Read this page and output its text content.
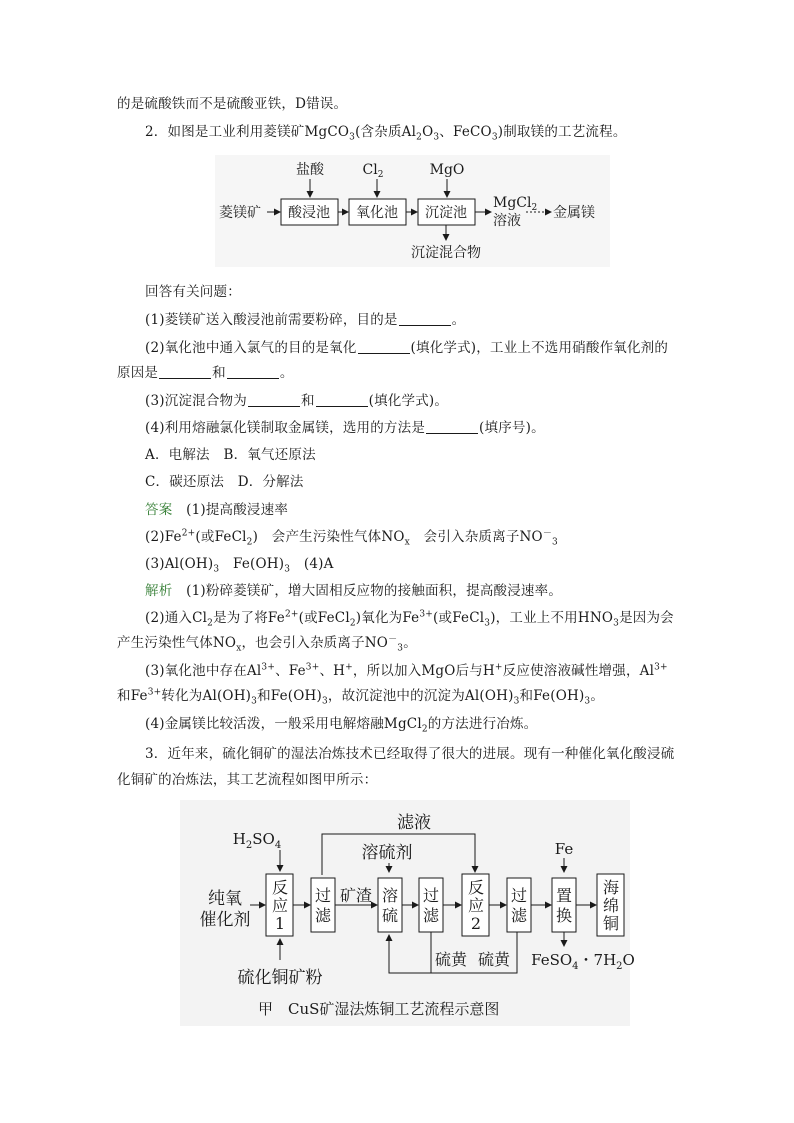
的是硫酸铁而不是硫酸亚铁，D错误。
2．如图是工业利用菱镁矿MgCO$_3$(含杂质$Al_2O_3$、FeCO$_3$)制取镁的工艺流程。
盐酸	$Cl_2$	MgO
菱镁矿 酸浸池 氧化池 沉淀池
MgCl$_2$
溶液 金属镁
沉淀混合物
回答有关问题：
(1)菱镁矿送入酸浸池前需要粉碎，目的是	。
(2)氧化池中通入氯气的目的是氧化	(填化学式)，工业上不选用硝酸作氧化剂的
原因是	和	。
(3)沉淀混合物为	和	(填化学式)。
(4)利用熔融氯化镁制取金属镁，选用的方法是	(填序号)。
A．电解法　B．氧气还原法
C．碳还原法　D．分解法
答案　 (1)提高酸浸速率
$(2)Fe^{2+}$(或FeCl$_2$)　会产生污染性气体$NO_x$　会引入杂质离子$NO^-_3$
$(3)Al(OH)_3$　$Fe(OH)_3$　(4)A
解析　(1)粉碎菱镁矿，增大固相反应物的接触面积，提高酸浸速率。
(2)通入$Cl_2$是为了将$Fe^{2+}$(或FeCl$_2$)氧化为$Fe^{3+}$(或FeCl$_3$)，工业上不用$HNO_3$是因为会
产生污染性气体$NO_x$，也会引入杂质离子$NO^-_3$。
(3)氧化池中存在$Al^{3+}$、$Fe^{3+}$、H+，所以加入MgO后与H+反应使溶液碱性增强，$Al^{3+}$
和$Fe^{3+}$转化为$Al(OH)_3$和$Fe(OH)_3$，故沉淀池中的沉淀为$Al(OH)_3$和$Fe(OH)_3$。
(4)金属镁比较活泼，一般采用电解熔融MgCl$_2$的方法进行冶炼。
3．近年来，硫化铜矿的湿法冶炼技术已经取得了很大的进展。现有一种催化氧化酸浸硫
化铜矿的冶炼法，其工艺流程如图甲所示：
滤液
$H_2SO_4$	溶硫剂	Fe
纯氧
催化剂
反
应
1
过
滤
矿渣 溶
硫
过
滤
反
应
2
过
滤
置
换
海
绵
铜
硫化铜矿粉
硫黄 硫黄 FeSO$_4$・$7H_2O$
甲　CuS矿湿法炼铜工艺流程示意图
